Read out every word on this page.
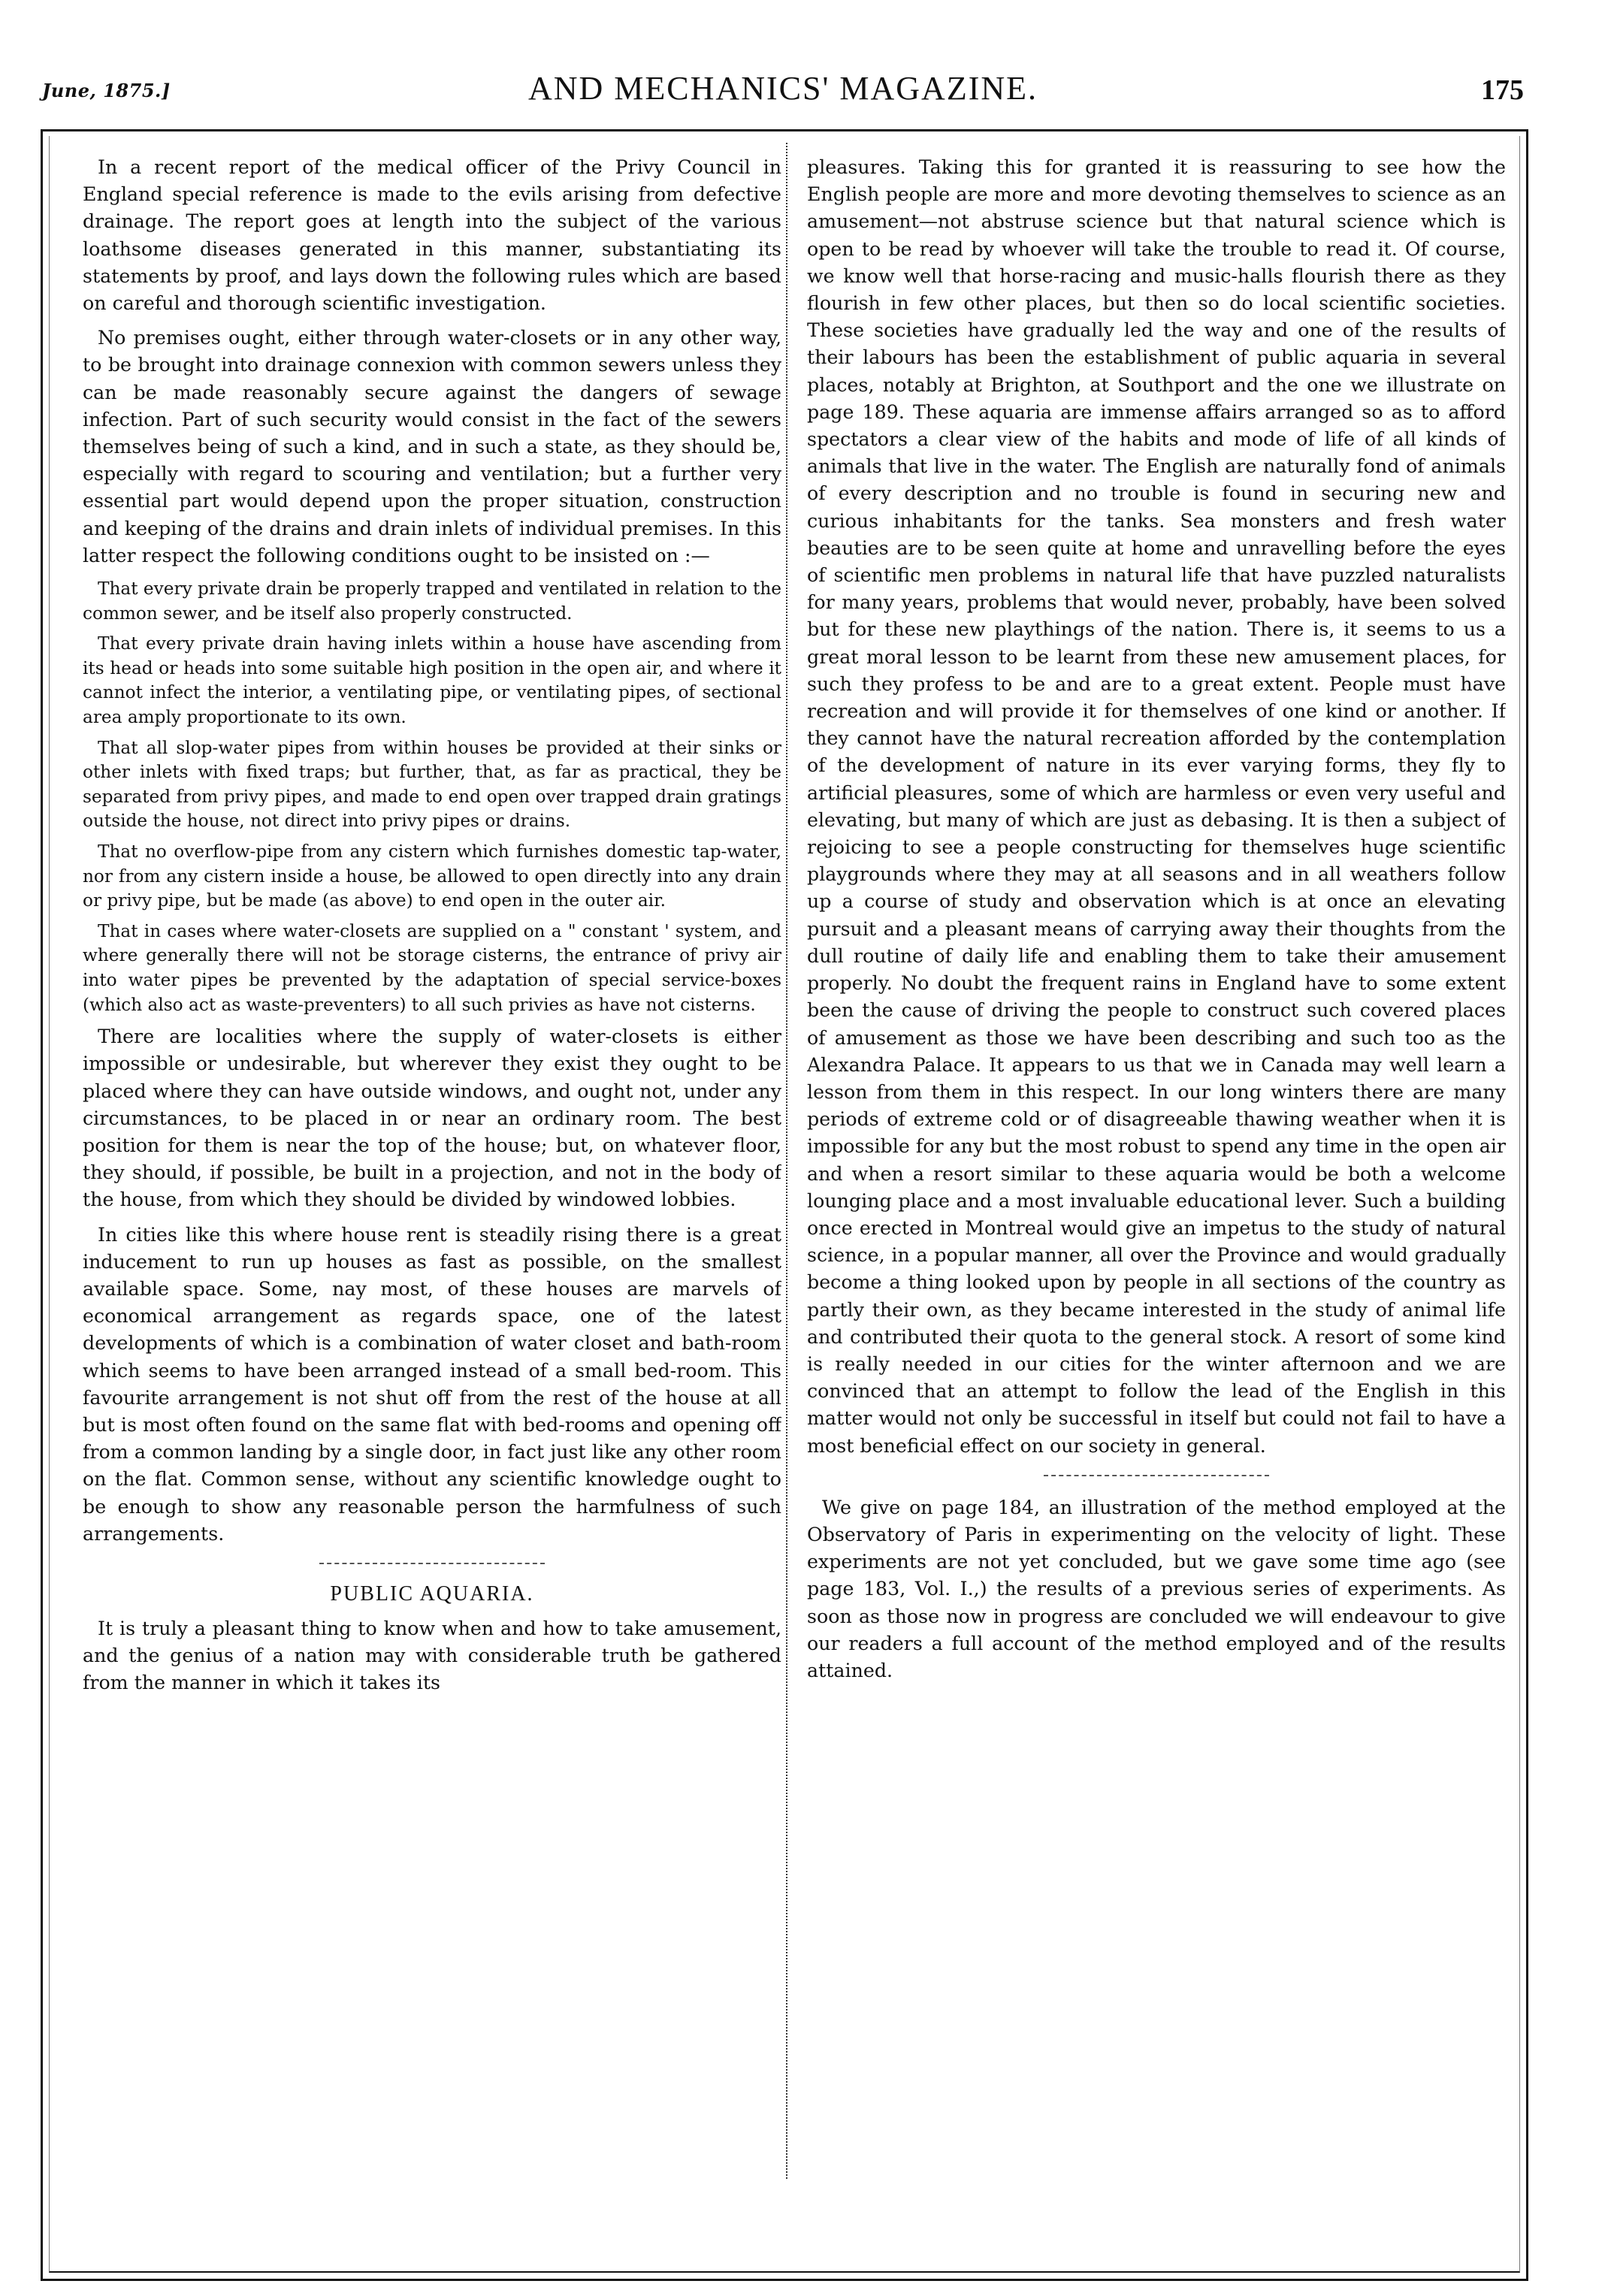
June, 1875.]	AND MECHANICS' MAGAZINE.	175

In a recent report of the medical officer of the Privy Council in England special reference is made to the evils arising from defective drainage. The report goes at length into the subject of the various loathsome diseases generated in this manner, substantiating its statements by proof, and lays down the following rules which are based on careful and thorough scientific investigation.

No premises ought, either through water-closets or in any other way, to be brought into drainage connexion with common sewers unless they can be made reasonably secure against the dangers of sewage infection. Part of such security would consist in the fact of the sewers themselves being of such a kind, and in such a state, as they should be, especially with regard to scouring and ventilation; but a further very essential part would depend upon the proper situation, construction and keeping of the drains and drain inlets of individual premises. In this latter respect the following conditions ought to be insisted on :—

That every private drain be properly trapped and ventilated in relation to the common sewer, and be itself also properly constructed.

That every private drain having inlets within a house have ascending from its head or heads into some suitable high position in the open air, and where it cannot infect the interior, a ventilating pipe, or ventilating pipes, of sectional area amply proportionate to its own.

That all slop-water pipes from within houses be provided at their sinks or other inlets with fixed traps; but further, that, as far as practical, they be separated from privy pipes, and made to end open over trapped drain gratings outside the house, not direct into privy pipes or drains.

That no overflow-pipe from any cistern which furnishes domestic tap-water, nor from any cistern inside a house, be allowed to open directly into any drain or privy pipe, but be made (as above) to end open in the outer air.

That in cases where water-closets are supplied on a " constant ' system, and where generally there will not be storage cisterns, the entrance of privy air into water pipes be prevented by the adaptation of special service-boxes (which also act as waste-preventers) to all such privies as have not cisterns.

There are localities where the supply of water-closets is either impossible or undesirable, but wherever they exist they ought to be placed where they can have outside windows, and ought not, under any circumstances, to be placed in or near an ordinary room. The best position for them is near the top of the house; but, on whatever floor, they should, if possible, be built in a projection, and not in the body of the house, from which they should be divided by windowed lobbies.

In cities like this where house rent is steadily rising there is a great inducement to run up houses as fast as possible, on the smallest available space. Some, nay most, of these houses are marvels of economical arrangement as regards space, one of the latest developments of which is a combination of water closet and bath-room which seems to have been arranged instead of a small bed-room. This favourite arrangement is not shut off from the rest of the house at all but is most often found on the same flat with bed-rooms and opening off from a common landing by a single door, in fact just like any other room on the flat. Common sense, without any scientific knowledge ought to be enough to show any reasonable person the harmfulness of such arrangements.

PUBLIC AQUARIA.

It is truly a pleasant thing to know when and how to take amusement, and the genius of a nation may with considerable truth be gathered from the manner in which it takes its

pleasures. Taking this for granted it is reassuring to see how the English people are more and more devoting themselves to science as an amusement—not abstruse science but that natural science which is open to be read by whoever will take the trouble to read it. Of course, we know well that horse-racing and music-halls flourish there as they flourish in few other places, but then so do local scientific societies. These societies have gradually led the way and one of the results of their labours has been the establishment of public aquaria in several places, notably at Brighton, at Southport and the one we illustrate on page 189. These aquaria are immense affairs arranged so as to afford spectators a clear view of the habits and mode of life of all kinds of animals that live in the water. The English are naturally fond of animals of every description and no trouble is found in securing new and curious inhabitants for the tanks. Sea monsters and fresh water beauties are to be seen quite at home and unravelling before the eyes of scientific men problems in natural life that have puzzled naturalists for many years, problems that would never, probably, have been solved but for these new playthings of the nation. There is, it seems to us a great moral lesson to be learnt from these new amusement places, for such they profess to be and are to a great extent. People must have recreation and will provide it for themselves of one kind or another. If they cannot have the natural recreation afforded by the contemplation of the development of nature in its ever varying forms, they fly to artificial pleasures, some of which are harmless or even very useful and elevating, but many of which are just as debasing. It is then a subject of rejoicing to see a people constructing for themselves huge scientific playgrounds where they may at all seasons and in all weathers follow up a course of study and observation which is at once an elevating pursuit and a pleasant means of carrying away their thoughts from the dull routine of daily life and enabling them to take their amusement properly. No doubt the frequent rains in England have to some extent been the cause of driving the people to construct such covered places of amusement as those we have been describing and such too as the Alexandra Palace. It appears to us that we in Canada may well learn a lesson from them in this respect. In our long winters there are many periods of extreme cold or of disagreeable thawing weather when it is impossible for any but the most robust to spend any time in the open air and when a resort similar to these aquaria would be both a welcome lounging place and a most invaluable educational lever. Such a building once erected in Montreal would give an impetus to the study of natural science, in a popular manner, all over the Province and would gradually become a thing looked upon by people in all sections of the country as partly their own, as they became interested in the study of animal life and contributed their quota to the general stock. A resort of some kind is really needed in our cities for the winter afternoon and we are convinced that an attempt to follow the lead of the English in this matter would not only be successful in itself but could not fail to have a most beneficial effect on our society in general.

We give on page 184, an illustration of the method employed at the Observatory of Paris in experimenting on the velocity of light. These experiments are not yet concluded, but we gave some time ago (see page 183, Vol. I.,) the results of a previous series of experiments. As soon as those now in progress are concluded we will endeavour to give our readers a full account of the method employed and of the results attained.
